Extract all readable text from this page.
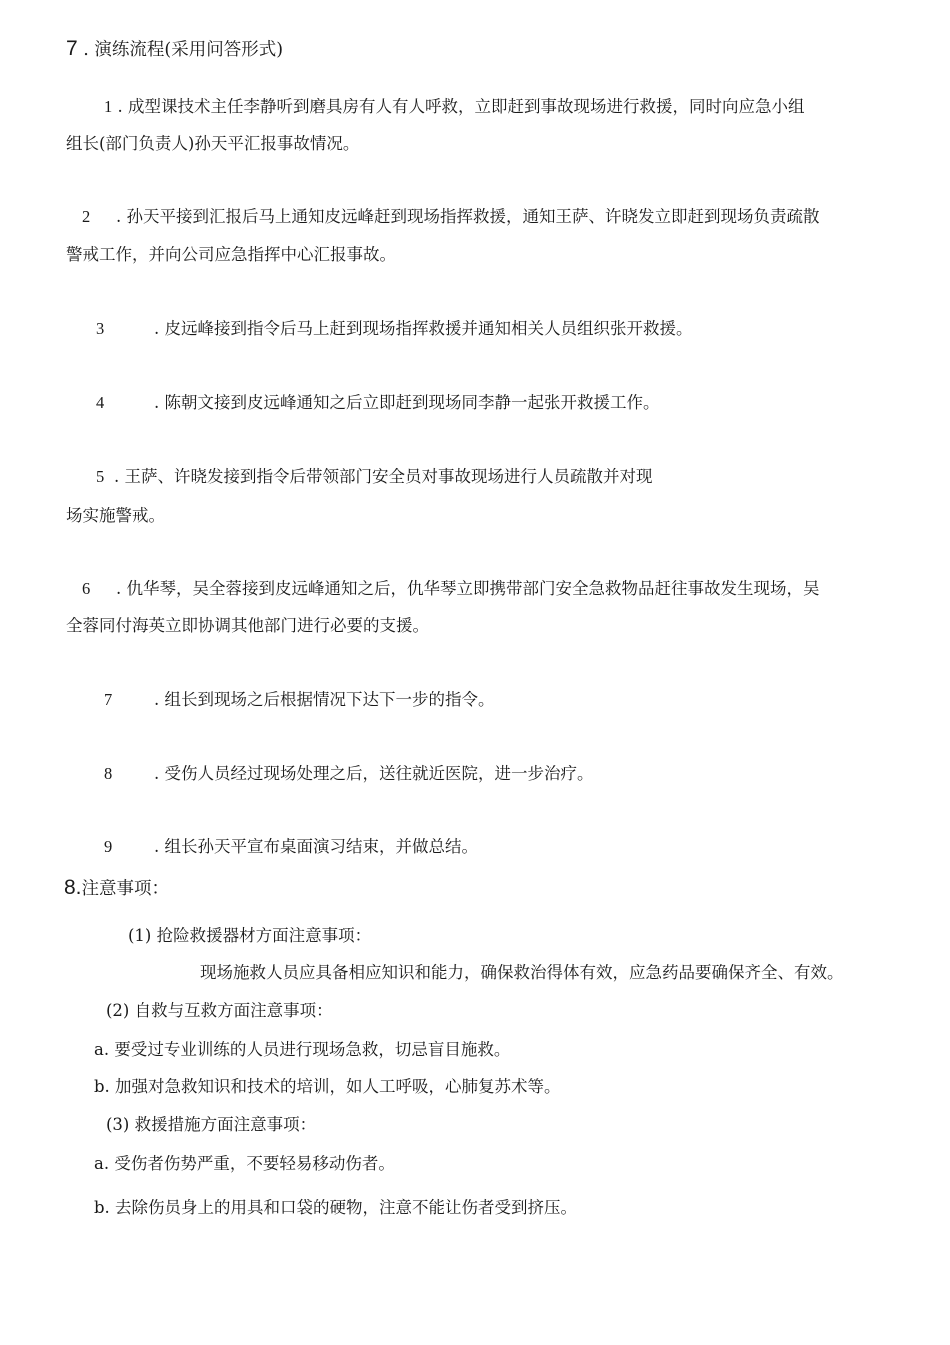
7 . 演练流程(采用问答形式)
1 . 成型课技术主任李静听到磨具房有人有人呼救，立即赶到事故现场进行救援，同时向应急小组
组长(部门负责人)孙天平汇报事故情况。
2 . 孙天平接到汇报后马上通知皮远峰赶到现场指挥救援，通知王萨、许晓发立即赶到现场负责疏散
警戒工作，并向公司应急指挥中心汇报事故。
3	. 皮远峰接到指令后马上赶到现场指挥救援并通知相关人员组织张开救援。
4	. 陈朝文接到皮远峰通知之后立即赶到现场同李静一起张开救援工作。
5 . 王萨、许晓发接到指令后带领部门安全员对事故现场进行人员疏散并对现
场实施警戒。
6 . 仇华琴，吴全蓉接到皮远峰通知之后，仇华琴立即携带部门安全急救物品赶往事故发生现场，吴
全蓉同付海英立即协调其他部门进行必要的支援。
7	. 组长到现场之后根据情况下达下一步的指令。
8	. 受伤人员经过现场处理之后，送往就近医院，进一步治疗。
9	. 组长孙天平宣布桌面演习结束，并做总结。
8.注意事项：
(1) 抢险救援器材方面注意事项：
现场施救人员应具备相应知识和能力，确保救治得体有效，应急药品要确保齐全、有效。
(2) 自救与互救方面注意事项：
a. 要受过专业训练的人员进行现场急救，切忌盲目施救。
b. 加强对急救知识和技术的培训，如人工呼吸，心肺复苏术等。
(3) 救援措施方面注意事项：
a. 受伤者伤势严重，不要轻易移动伤者。
b. 去除伤员身上的用具和口袋的硬物，注意不能让伤者受到挤压。
